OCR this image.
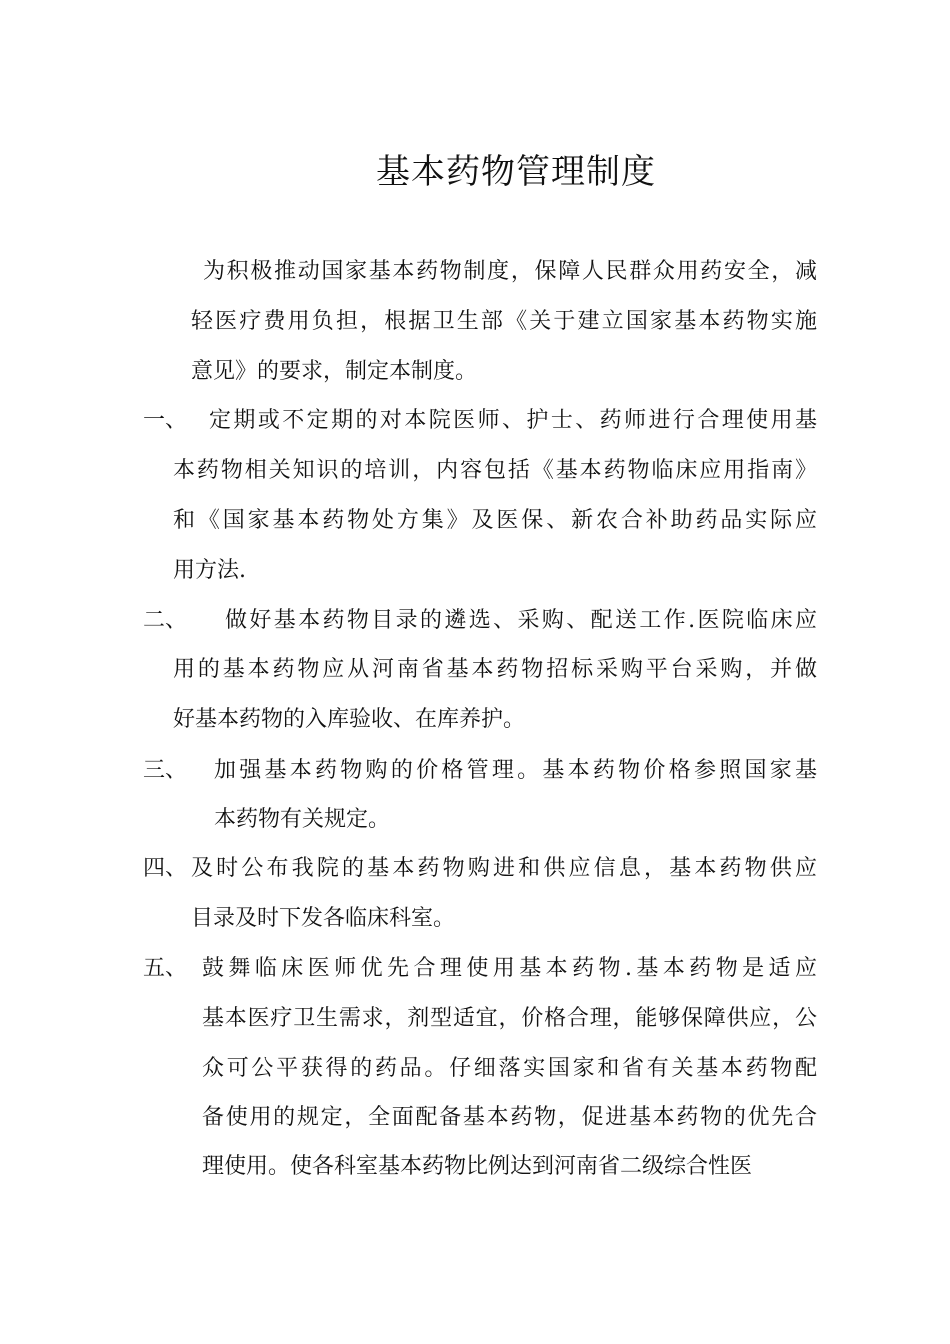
基本药物管理制度
为积极推动国家基本药物制度，保障人民群众用药安全，减
轻医疗费用负担，根据卫生部《关于建立国家基本药物实施
意见》的要求，制定本制度。
一、 定期或不定期的对本院医师、护士、药师进行合理使用基
本药物相关知识的培训，内容包括《基本药物临床应用指南》
和《国家基本药物处方集》及医保、新农合补助药品实际应
用方法.
二、 做好基本药物目录的遴选、采购、配送工作.医院临床应
用的基本药物应从河南省基本药物招标采购平台采购，并做
好基本药物的入库验收、在库养护。
三、 加强基本药物购的价格管理。基本药物价格参照国家基
本药物有关规定。
四、 及时公布我院的基本药物购进和供应信息，基本药物供应
目录及时下发各临床科室。
五、 鼓舞临床医师优先合理使用基本药物.基本药物是适应
基本医疗卫生需求，剂型适宜，价格合理，能够保障供应，公
众可公平获得的药品。仔细落实国家和省有关基本药物配
备使用的规定，全面配备基本药物，促进基本药物的优先合
理使用。使各科室基本药物比例达到河南省二级综合性医
